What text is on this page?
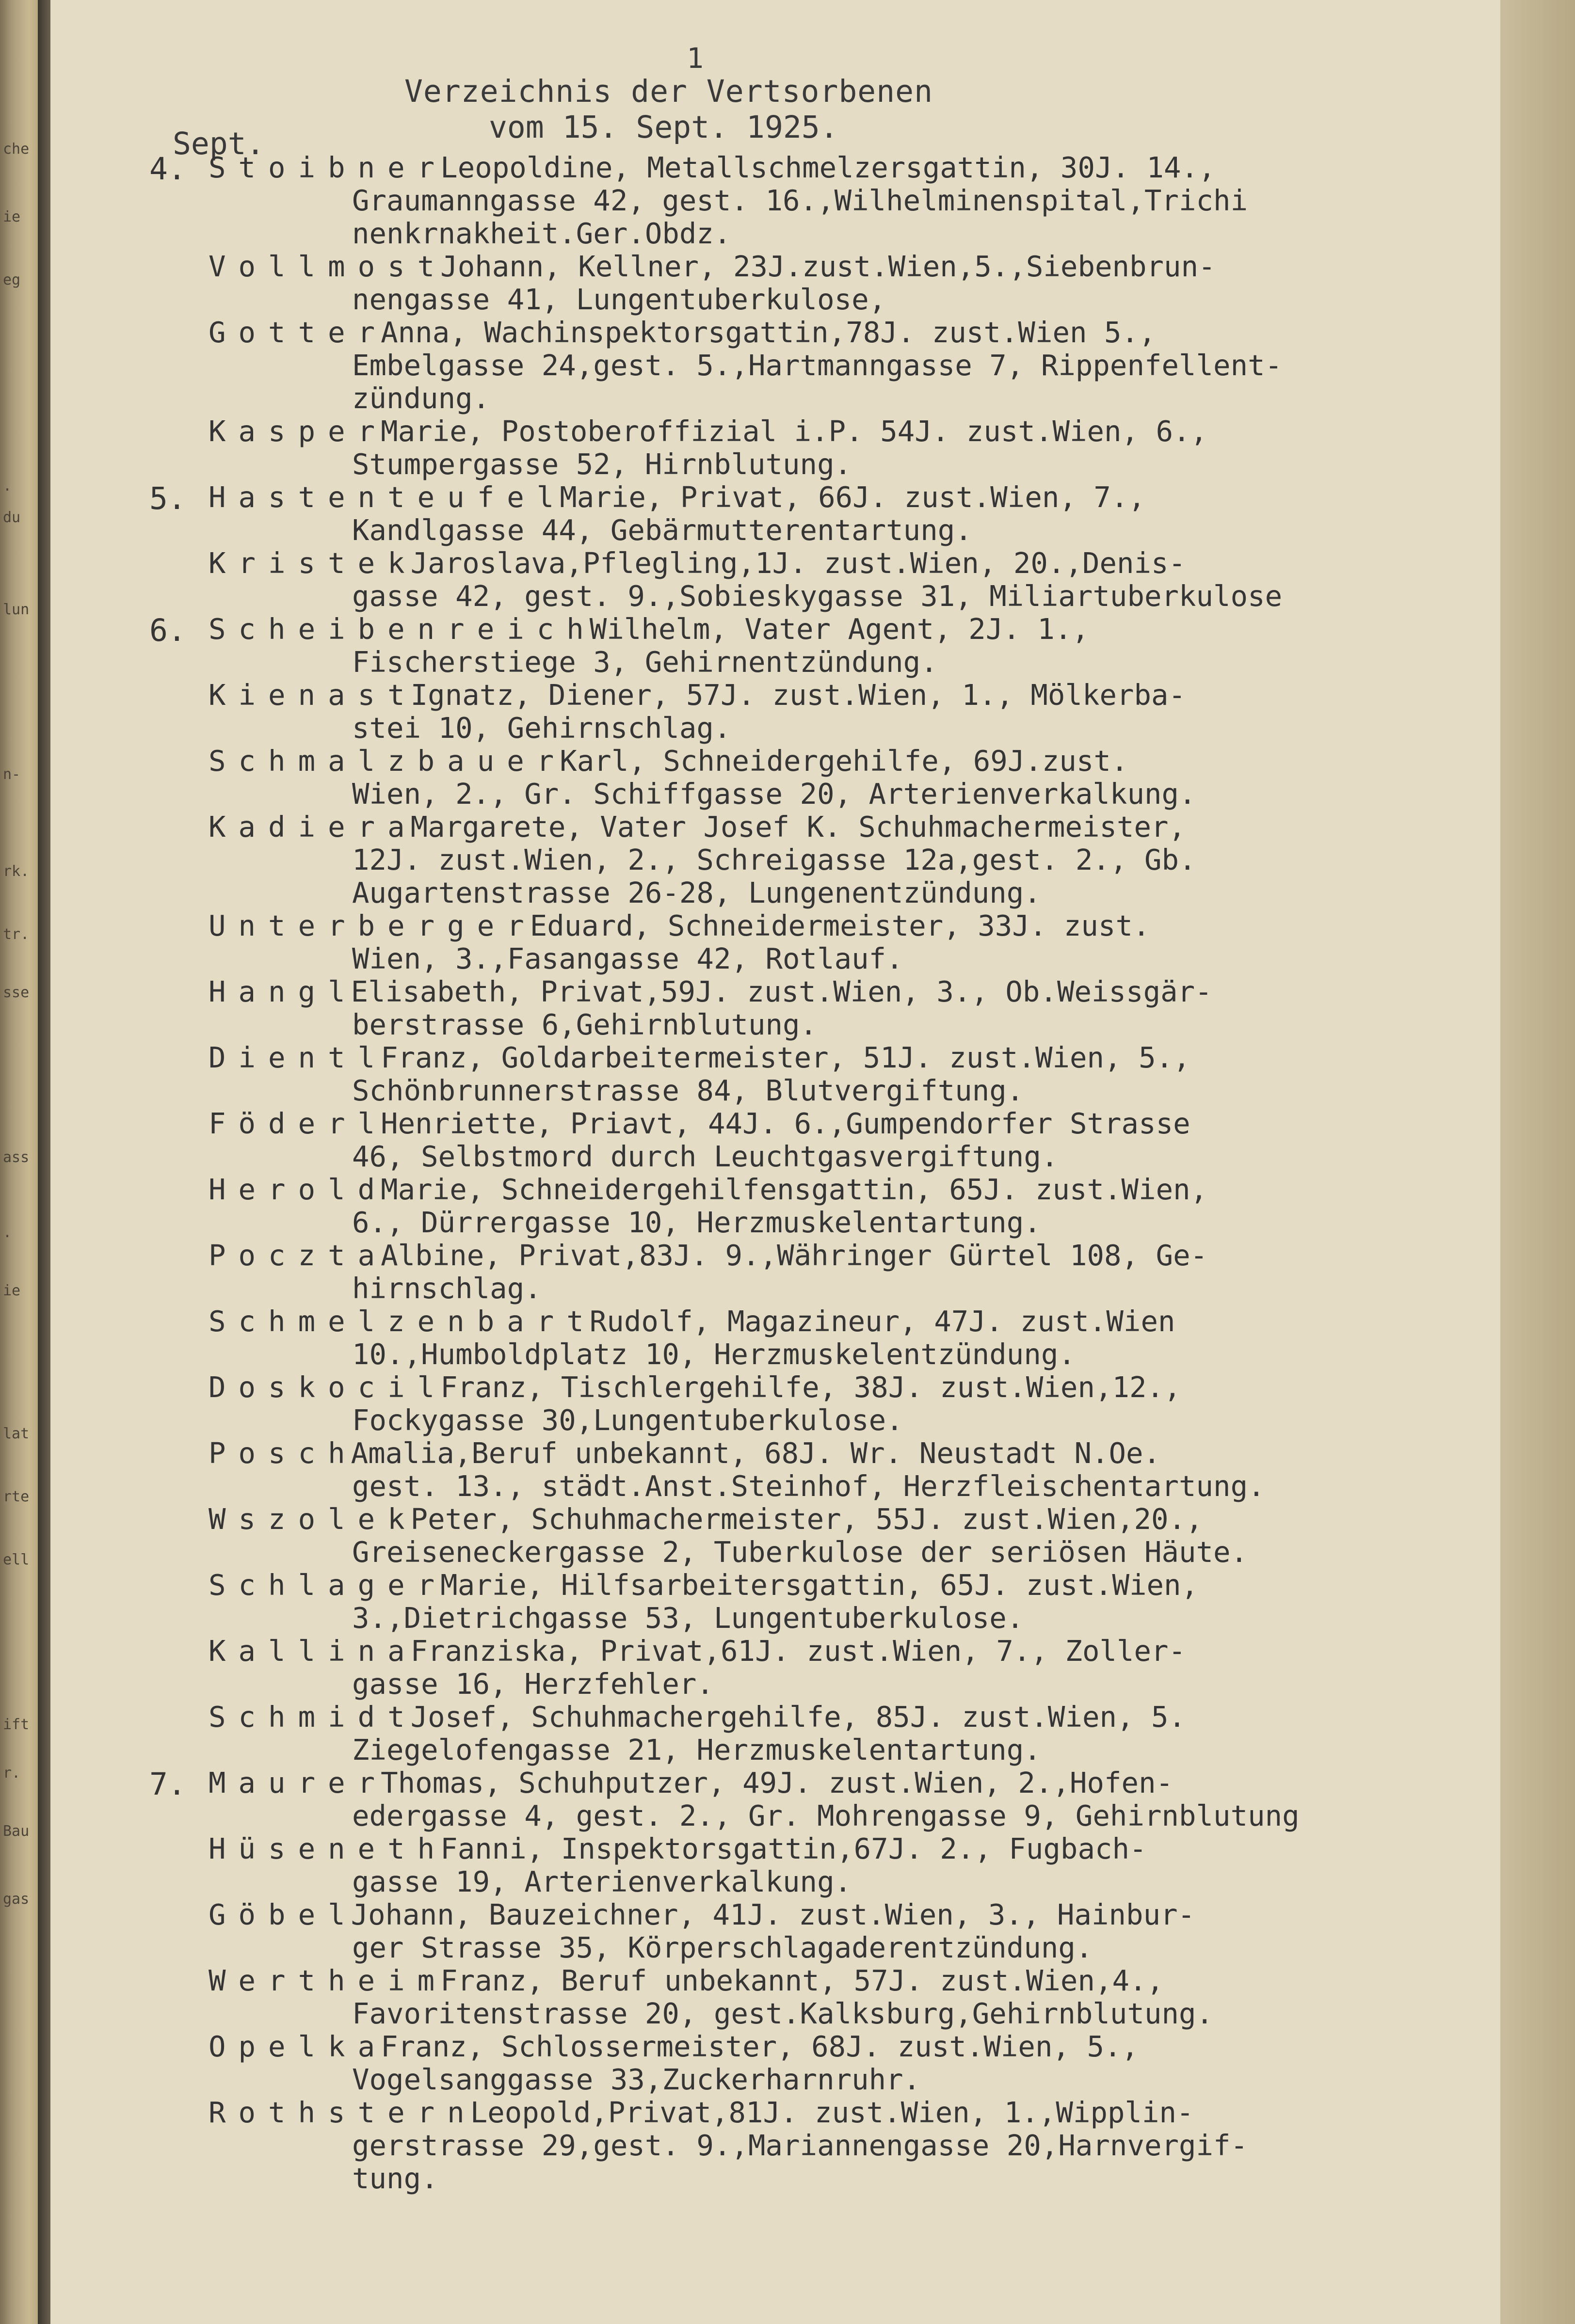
che
ie
eg
.
du
lun
n-
rk.
tr.
sse
ass
.
ie
lat
rte
ell
ift
r.
Bau
gas
1
Verzeichnis der Vertsorbenen
vom 15. Sept. 1925.
Sept.
4. StoibnerLeopoldine, Metallschmelzersgattin, 30J. 14.,
Graumanngasse 42, gest. 16.,Wilhelminenspital,Trichi
nenkrnakheit.Ger.Obdz.
VollmostJohann, Kellner, 23J.zust.Wien,5.,Siebenbrun-
nengasse 41, Lungentuberkulose,
GotterAnna, Wachinspektorsgattin,78J. zust.Wien 5.,
Embelgasse 24,gest. 5.,Hartmanngasse 7, Rippenfellent-
zündung.
KasperMarie, Postoberoffizial i.P. 54J. zust.Wien, 6.,
Stumpergasse 52, Hirnblutung.
5. HastenteufelMarie, Privat, 66J. zust.Wien, 7.,
Kandlgasse 44, Gebärmutterentartung.
KristekJaroslava,Pflegling,1J. zust.Wien, 20.,Denis-
gasse 42, gest. 9.,Sobieskygasse 31, Miliartuberkulose
6. ScheibenreichWilhelm, Vater Agent, 2J. 1.,
Fischerstiege 3, Gehirnentzündung.
KienastIgnatz, Diener, 57J. zust.Wien, 1., Mölkerba-
stei 10, Gehirnschlag.
SchmalzbauerKarl, Schneidergehilfe, 69J.zust.
Wien, 2., Gr. Schiffgasse 20, Arterienverkalkung.
KadieraMargarete, Vater Josef K. Schuhmachermeister,
12J. zust.Wien, 2., Schreigasse 12a,gest. 2., Gb.
Augartenstrasse 26-28, Lungenentzündung.
UnterbergerEduard, Schneidermeister, 33J. zust.
Wien, 3.,Fasangasse 42, Rotlauf.
HanglElisabeth, Privat,59J. zust.Wien, 3., Ob.Weissgär-
berstrasse 6,Gehirnblutung.
DientlFranz, Goldarbeitermeister, 51J. zust.Wien, 5.,
Schönbrunnerstrasse 84, Blutvergiftung.
FöderlHenriette, Priavt, 44J. 6.,Gumpendorfer Strasse
46, Selbstmord durch Leuchtgasvergiftung.
HeroldMarie, Schneidergehilfensgattin, 65J. zust.Wien,
6., Dürrergasse 10, Herzmuskelentartung.
PocztaAlbine, Privat,83J. 9.,Währinger Gürtel 108, Ge-
hirnschlag.
SchmelzenbartRudolf, Magazineur, 47J. zust.Wien
10.,Humboldplatz 10, Herzmuskelentzündung.
DoskocilFranz, Tischlergehilfe, 38J. zust.Wien,12.,
Fockygasse 30,Lungentuberkulose.
PoschAmalia,Beruf unbekannt, 68J. Wr. Neustadt N.Oe.
gest. 13., städt.Anst.Steinhof, Herzfleischentartung.
WszolekPeter, Schuhmachermeister, 55J. zust.Wien,20.,
Greiseneckergasse 2, Tuberkulose der seriösen Häute.
SchlagerMarie, Hilfsarbeitersgattin, 65J. zust.Wien,
3.,Dietrichgasse 53, Lungentuberkulose.
KallinaFranziska, Privat,61J. zust.Wien, 7., Zoller-
gasse 16, Herzfehler.
SchmidtJosef, Schuhmachergehilfe, 85J. zust.Wien, 5.
Ziegelofengasse 21, Herzmuskelentartung.
7. MaurerThomas, Schuhputzer, 49J. zust.Wien, 2.,Hofen-
edergasse 4, gest. 2., Gr. Mohrengasse 9, Gehirnblutung
HüsenethFanni, Inspektorsgattin,67J. 2., Fugbach-
gasse 19, Arterienverkalkung.
GöbelJohann, Bauzeichner, 41J. zust.Wien, 3., Hainbur-
ger Strasse 35, Körperschlagaderentzündung.
WertheimFranz, Beruf unbekannt, 57J. zust.Wien,4.,
Favoritenstrasse 20, gest.Kalksburg,Gehirnblutung.
OpelkaFranz, Schlossermeister, 68J. zust.Wien, 5.,
Vogelsanggasse 33,Zuckerharnruhr.
RothsternLeopold,Privat,81J. zust.Wien, 1.,Wipplin-
gerstrasse 29,gest. 9.,Mariannengasse 20,Harnvergif-
tung.
